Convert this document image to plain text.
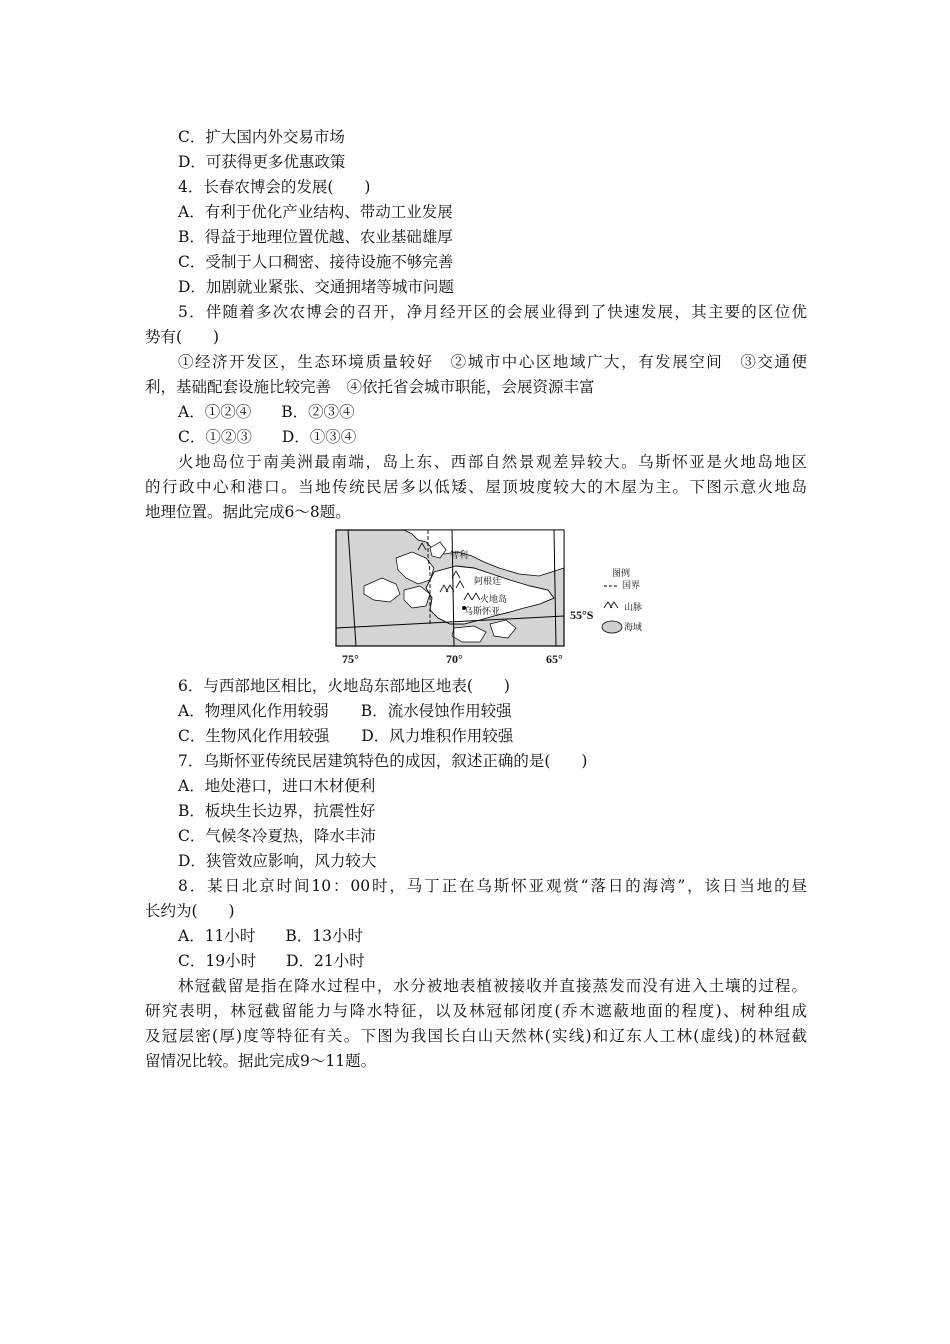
C．扩大国内外交易市场
D．可获得更多优惠政策
4．长春农博会的发展(　　)
A．有利于优化产业结构、带动工业发展
B．得益于地理位置优越、农业基础雄厚
C．受制于人口稠密、接待设施不够完善
D．加剧就业紧张、交通拥堵等城市问题
5．伴随着多次农博会的召开，净月经开区的会展业得到了快速发展，其主要的区位优
势有(　　)
①经济开发区，生态环境质量较好　②城市中心区地域广大，有发展空间　③交通便
利，基础配套设施比较完善　④依托省会城市职能，会展资源丰富
A．①②④ B．②③④
C．①②③ D．①③④
火地岛位于南美洲最南端，岛上东、西部自然景观差异较大。乌斯怀亚是火地岛地区
的行政中心和港口。当地传统民居多以低矮、屋顶坡度较大的木屋为主。下图示意火地岛
地理位置。据此完成6～8题。
智利
阿根廷
火地岛
乌斯怀亚	55°S
75°	70°	65°
图例
国界
山脉
海域
6．与西部地区相比，火地岛东部地区地表(　　)
A．物理风化作用较弱 B．流水侵蚀作用较强
C．生物风化作用较强 D．风力堆积作用较强
7．乌斯怀亚传统民居建筑特色的成因，叙述正确的是(　　)
A．地处港口，进口木材便利
B．板块生长边界，抗震性好
C．气候冬冷夏热，降水丰沛
D．狭管效应影响，风力较大
8．某日北京时间10：00时，马丁正在乌斯怀亚观赏“落日的海湾”，该日当地的昼
长约为(　　)
A．11小时 B．13小时
C．19小时 D．21小时
林冠截留是指在降水过程中，水分被地表植被接收并直接蒸发而没有进入土壤的过程。
研究表明，林冠截留能力与降水特征，以及林冠郁闭度(乔木遮蔽地面的程度)、树种组成
及冠层密(厚)度等特征有关。下图为我国长白山天然林(实线)和辽东人工林(虚线)的林冠截
留情况比较。据此完成9～11题。
